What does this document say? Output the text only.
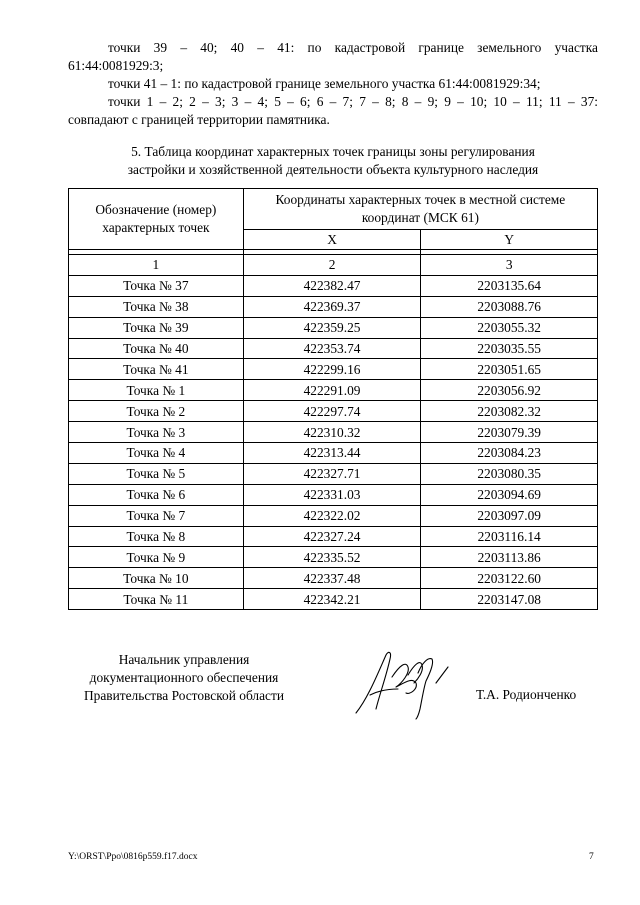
точки 39 – 40; 40 – 41: по кадастровой границе земельного участка
61:44:0081929:3;
точки 41 – 1: по кадастровой границе земельного участка 61:44:0081929:34;
точки 1 – 2; 2 – 3; 3 – 4; 5 – 6; 6 – 7; 7 – 8; 8 – 9; 9 – 10; 10 – 11; 11 – 37:
совпадают с границей территории памятника.
5. Таблица координат характерных точек границы зоны регулирования
застройки и хозяйственной деятельности объекта культурного наследия
Обозначение (номер) характерных точек	Координаты характерных точек в местной системе координат (МСК 61)	
	X	Y

1	2	3
Точка № 37	422382.47	2203135.64
Точка № 38	422369.37	2203088.76
Точка № 39	422359.25	2203055.32
Точка № 40	422353.74	2203035.55
Точка № 41	422299.16	2203051.65
Точка № 1	422291.09	2203056.92
Точка № 2	422297.74	2203082.32
Точка № 3	422310.32	2203079.39
Точка № 4	422313.44	2203084.23
Точка № 5	422327.71	2203080.35
Точка № 6	422331.03	2203094.69
Точка № 7	422322.02	2203097.09
Точка № 8	422327.24	2203116.14
Точка № 9	422335.52	2203113.86
Точка № 10	422337.48	2203122.60
Точка № 11	422342.21	2203147.08
Начальник управления
документационного обеспечения
Правительства Ростовской области	Т.А. Родионченко
Y:\ORST\Ppo\0816p559.f17.docx	7
